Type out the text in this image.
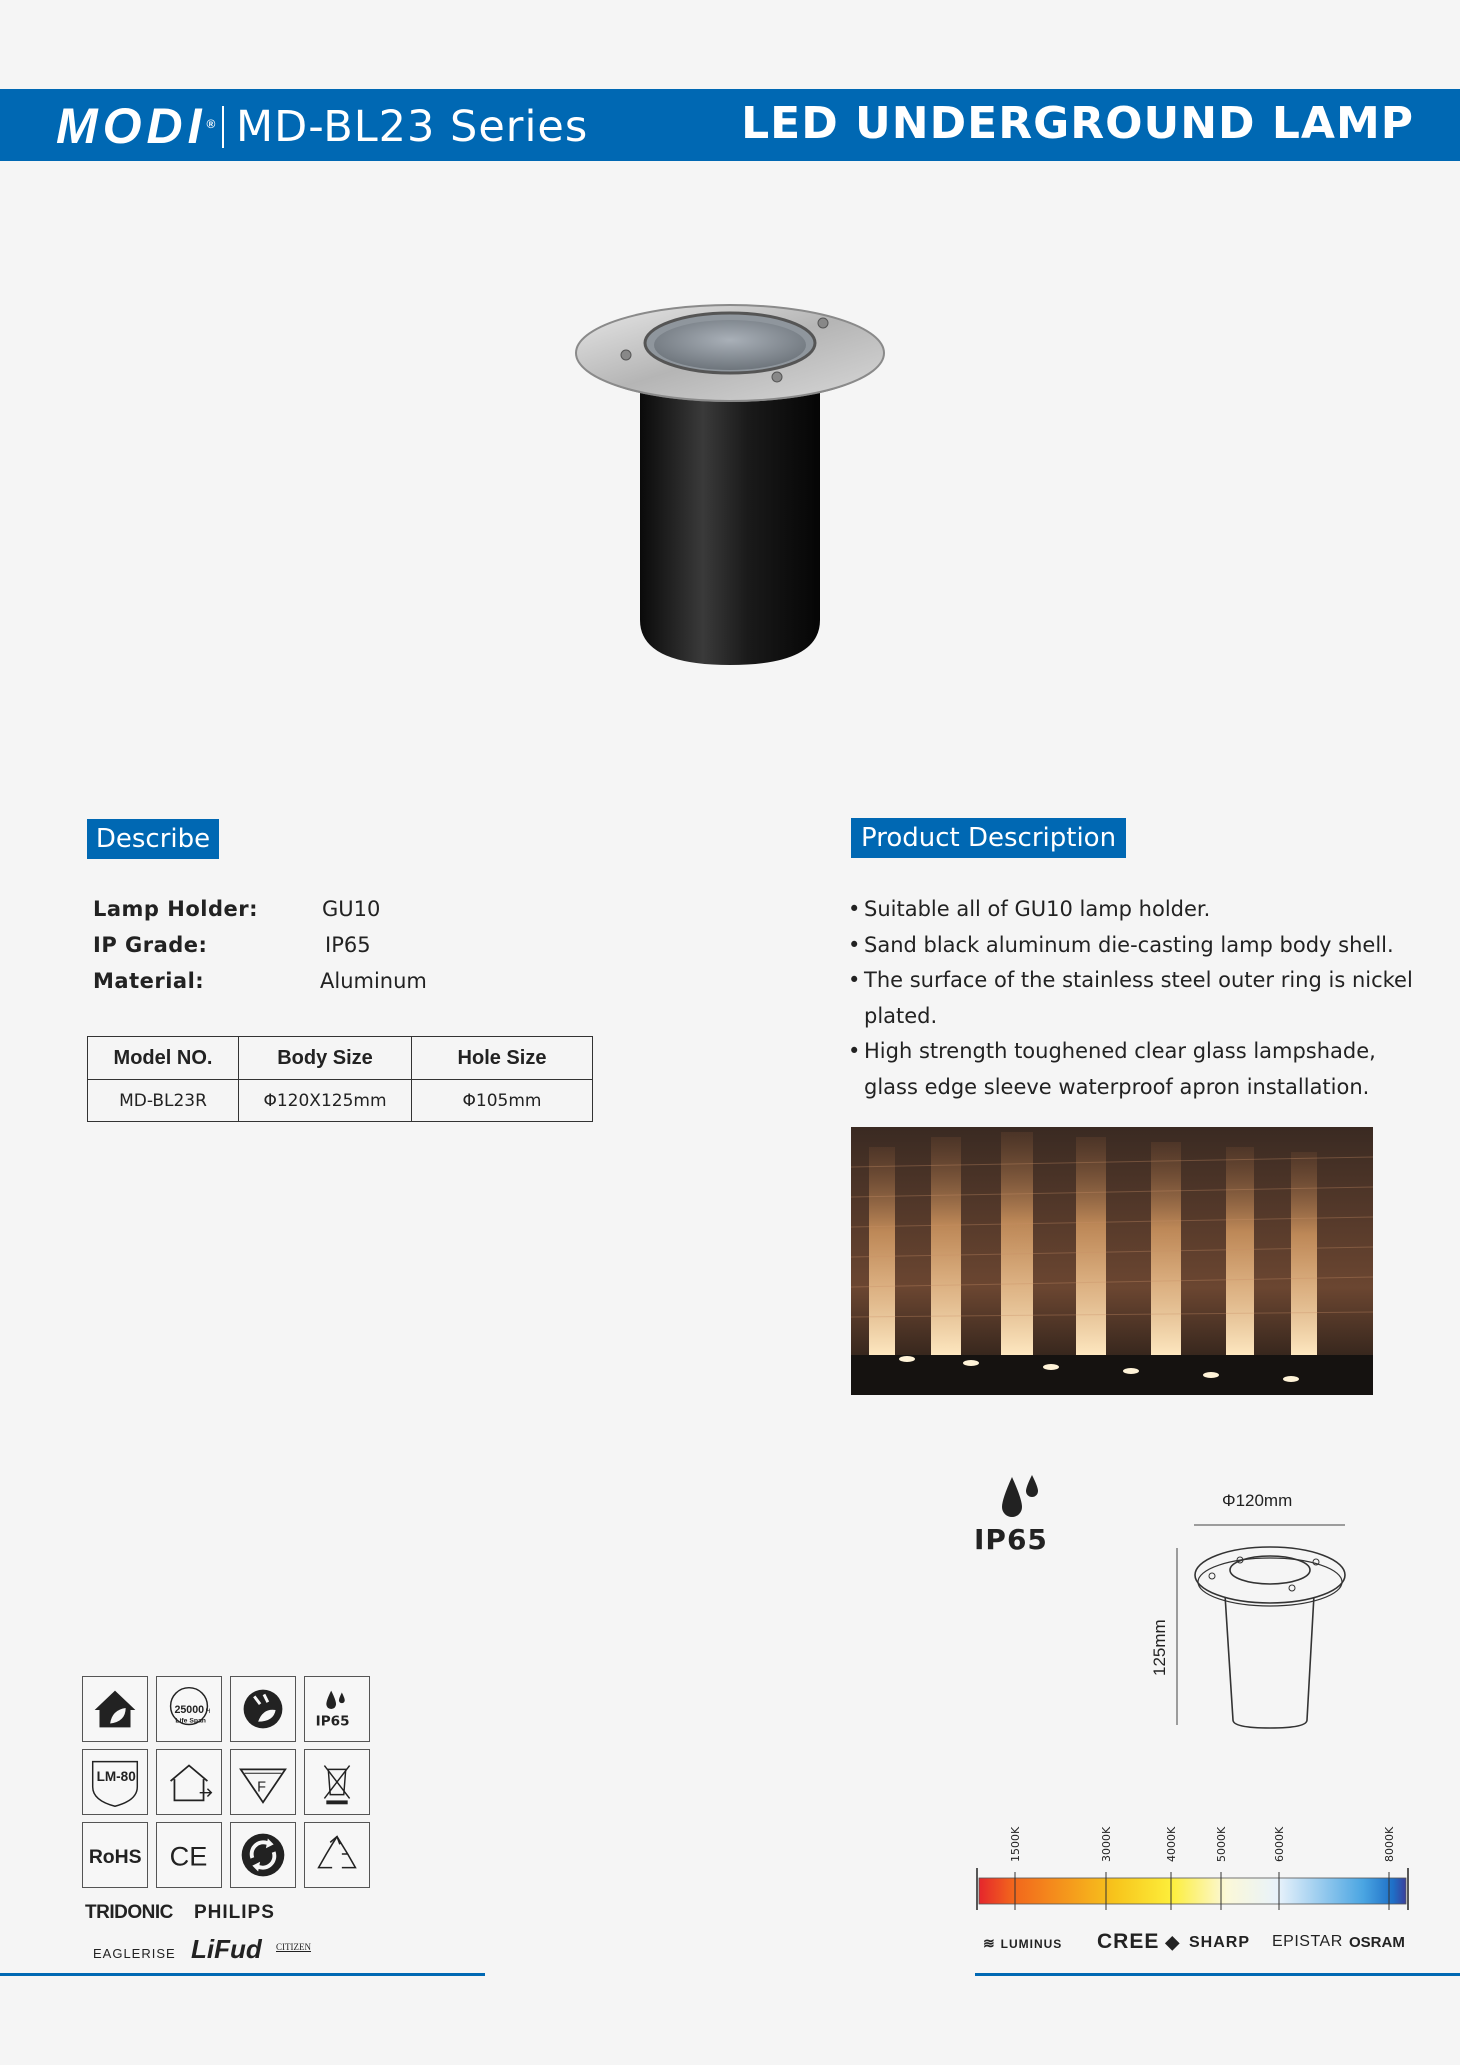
MODI® MD-BL23 Series	LED UNDERGROUND LAMP
Describe
Lamp Holder:	GU10
IP Grade:	IP65
Material:	Aluminum
Model NO.	Body Size	Hole Size
MD-BL23R	Φ120X125mm	Φ105mm
Product Description
• Suitable all of GU10 lamp holder.
• Sand black aluminum die-casting lamp body shell.
• The surface of the stainless steel outer ring is nickel plated.
• High strength toughened clear glass lampshade, glass edge sleeve waterproof apron installation.
IP65
Φ120mm
125mm
25000 H
Life Span	IP65
LM-80
F
RoHS CE
TRIDONIC PHILIPS
EAGLERISE LiFud CITIZEN
1500K	3000K	4000K	5000K	6000K	8000K
≋ LUMINUS CREE ◆ SHARP EPISTAR OSRAM
